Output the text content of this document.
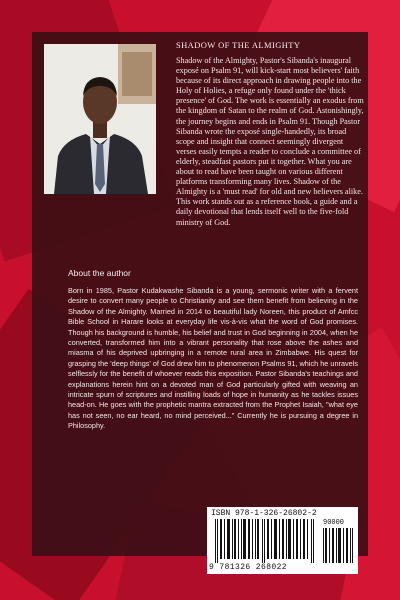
SHADOW OF THE ALMIGHTY
Shadow of the Almighty, Pastor's Sibanda's inaugural exposé on Psalm 91, will kick-start most believers' faith because of its direct approach in drawing people into the Holy of Holies, a refuge only found under the 'thick presence' of God. The work is essentially an exodus from the kingdom of Satan to the realm of God. Astonishingly, the journey begins and ends in Psalm 91. Though Pastor Sibanda wrote the exposé single-handedly, its broad scope and insight that connect seemingly divergent verses easily tempts a reader to conclude a committee of elderly, steadfast pastors put it together. What you are about to read have been taught on various different platforms transforming many lives. Shadow of the Almighty is a 'must read' for old and new believers alike. This work stands out as a reference book, a guide and a daily devotional that lends itself well to the five-fold ministry of God.
About the author
Born in 1985, Pastor Kudakwashe Sibanda is a young, sermonic writer with a fervent desire to convert many people to Christianity and see them benefit from believing in the Shadow of the Almighty. Married in 2014 to beautiful lady Noreen, this product of Amfcc Bible School in Harare looks at everyday life vis-à-vis what the word of God promises. Though his background is humble, his belief and trust in God beginning in 2004, when he converted, transformed him into a vibrant personality that rose above the ashes and miasma of his deprived upbringing in a remote rural area in Zimbabwe. His quest for grasping the 'deep things' of God drew him to phenomenon Psalms 91, which he unravels selflessly for the benefit of whoever reads this exposition. Pastor Sibanda's teachings and explanations herein hint on a devoted man of God particularly gifted with weaving an intricate spurn of scriptures and instilling loads of hope in humanity as he tackles issues head-on. He goes with the prophetic mantra extracted from the Prophet Isaiah, "what eye has not seen, no ear heard, no mind perceived..." Currently he is pursuing a degree in Philosophy.
ISBN 978-1-326-26802-2
90000
9 781326 268022
